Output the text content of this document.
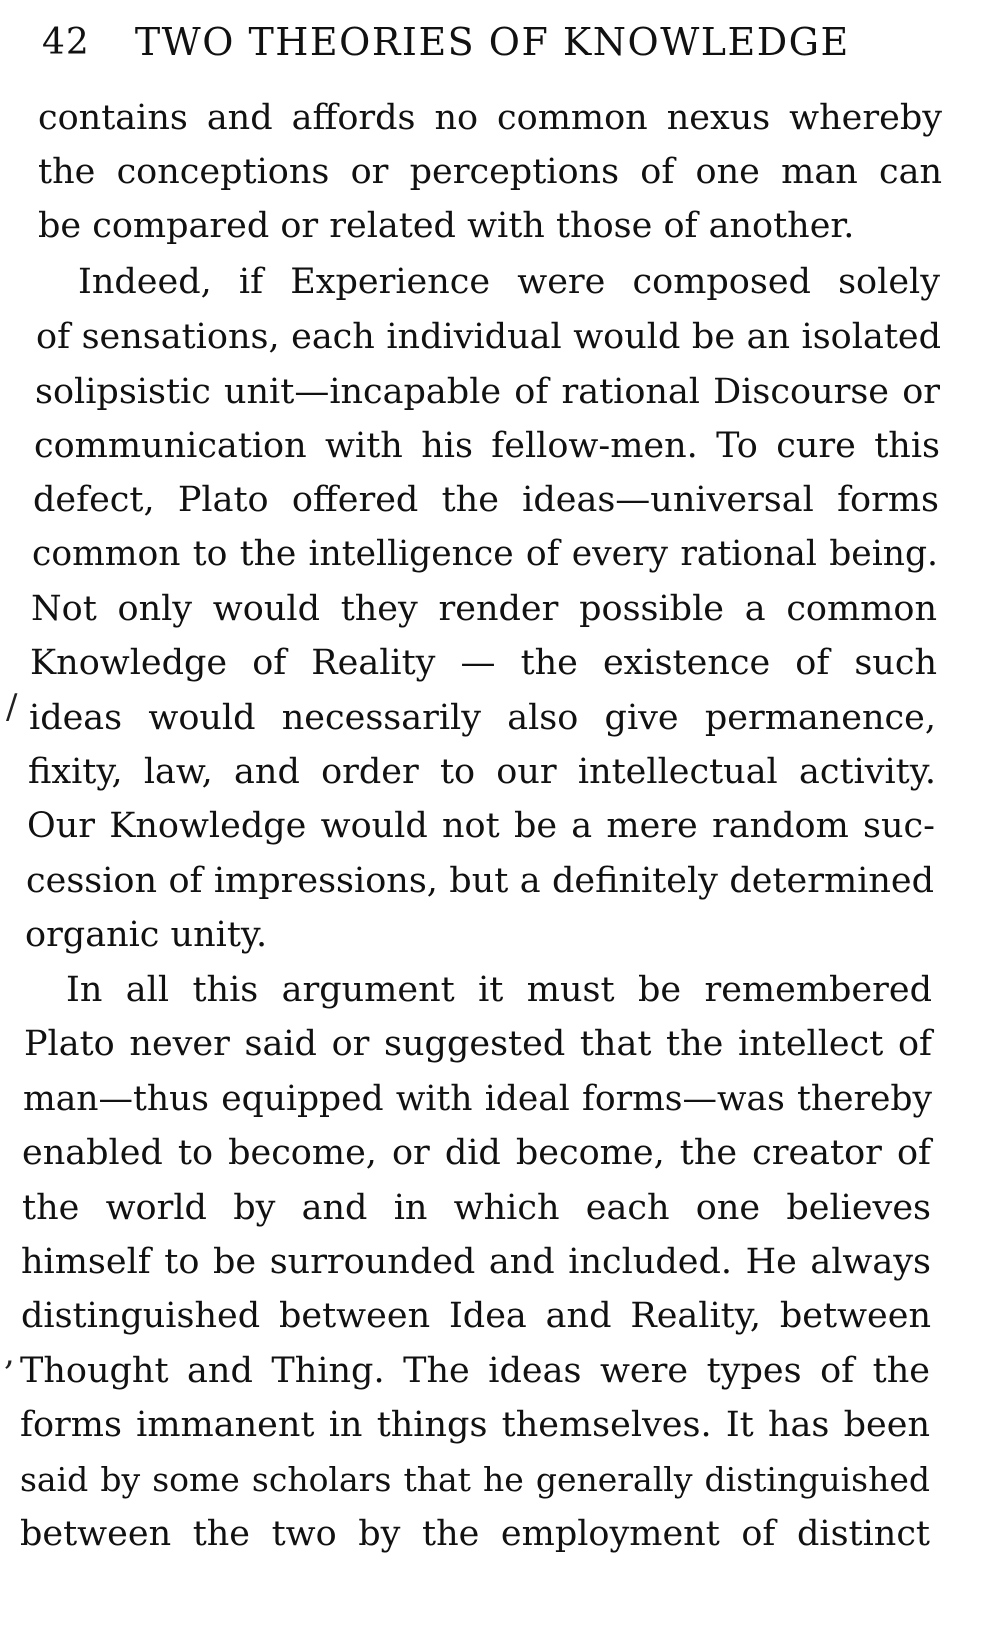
42 TWO THEORIES OF KNOWLEDGE
contains and affords no common nexus whereby
the conceptions or perceptions of one man can
be compared or related with those of another.
Indeed, if Experience were composed solely
of sensations, each individual would be an isolated
solipsistic unit—incapable of rational Discourse or
communication with his fellow-men. To cure this
defect, Plato offered the ideas—universal forms
common to the intelligence of every rational being.
Not only would they render possible a common
Knowledge of Reality — the existence of such
ideas would necessarily also give permanence,
fixity, law, and order to our intellectual activity.
Our Knowledge would not be a mere random suc-
cession of impressions, but a definitely determined
organic unity.
In all this argument it must be remembered
Plato never said or suggested that the intellect of
man—thus equipped with ideal forms—was thereby
enabled to become, or did become, the creator of
the world by and in which each one believes
himself to be surrounded and included. He always
distinguished between Idea and Reality, between
Thought and Thing. The ideas were types of the
forms immanent in things themselves. It has been
said by some scholars that he generally distinguished
between the two by the employment of distinct
/
,
